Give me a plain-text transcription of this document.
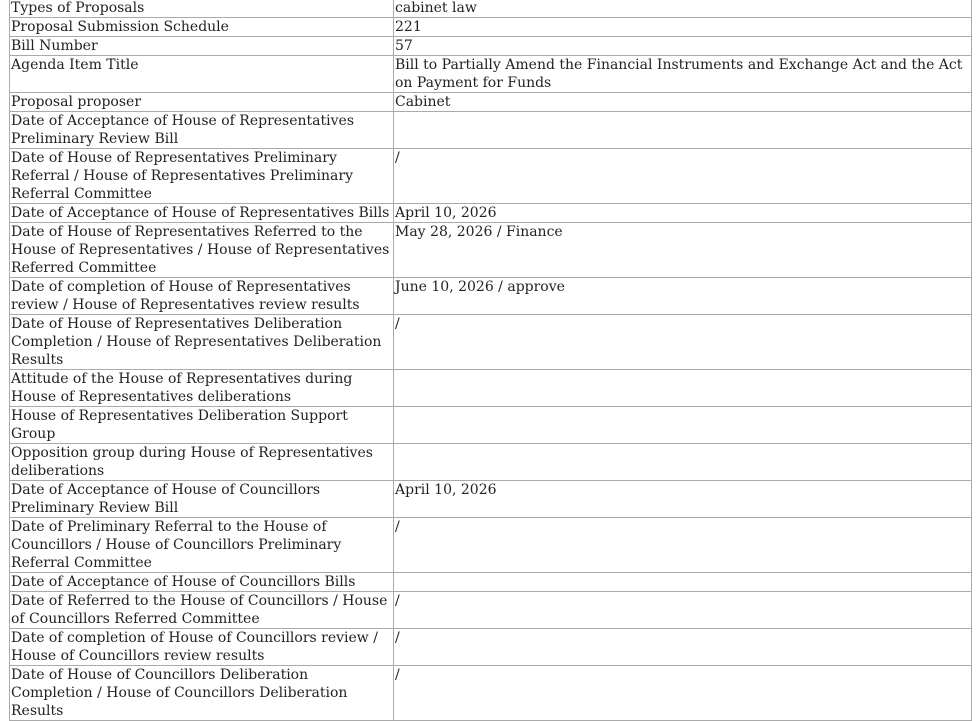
Types of Proposals	cabinet law
Proposal Submission Schedule	221
Bill Number	57
Agenda Item Title	Bill to Partially Amend the Financial Instruments and Exchange Act and the Act on Payment for Funds
Proposal proposer	Cabinet
Date of Acceptance of House of Representatives Preliminary Review Bill	
Date of House of Representatives Preliminary Referral / House of Representatives Preliminary Referral Committee	/
Date of Acceptance of House of Representatives Bills	April 10, 2026
Date of House of Representatives Referred to the House of Representatives / House of Representatives Referred Committee	May 28, 2026 / Finance
Date of completion of House of Representatives review / House of Representatives review results	June 10, 2026 / approve
Date of House of Representatives Deliberation Completion / House of Representatives Deliberation Results	/
Attitude of the House of Representatives during House of Representatives deliberations	
House of Representatives Deliberation Support Group	
Opposition group during House of Representatives deliberations	
Date of Acceptance of House of Councillors Preliminary Review Bill	April 10, 2026
Date of Preliminary Referral to the House of Councillors / House of Councillors Preliminary Referral Committee	/
Date of Acceptance of House of Councillors Bills	
Date of Referred to the House of Councillors / House of Councillors Referred Committee	/
Date of completion of House of Councillors review / House of Councillors review results	/
Date of House of Councillors Deliberation Completion / House of Councillors Deliberation Results	/
